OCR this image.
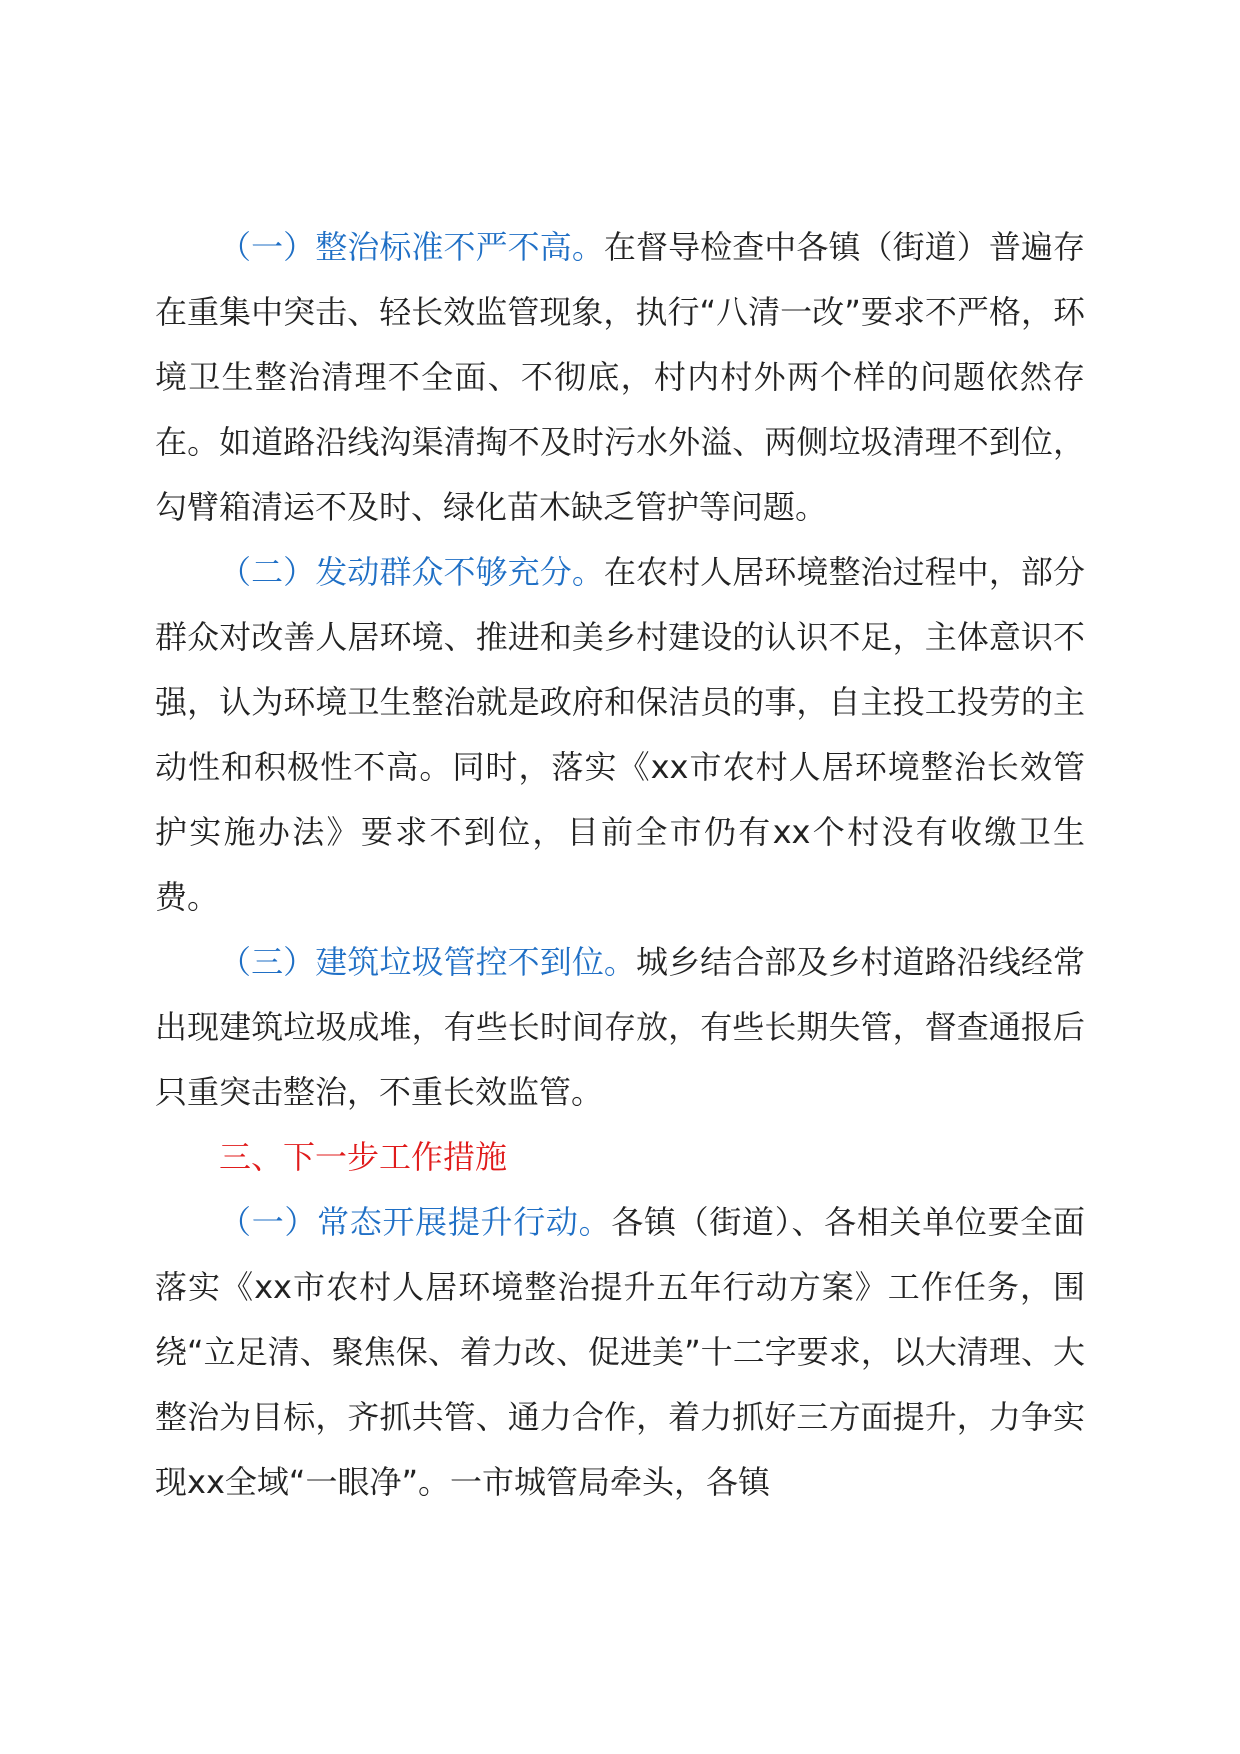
（一）整治标准不严不高。在督导检查中各镇（街道）普遍存在重集中突击、轻长效监管现象，执行“八清一改”要求不严格，环境卫生整治清理不全面、不彻底，村内村外两个样的问题依然存在。如道路沿线沟渠清掏不及时污水外溢、两侧垃圾清理不到位，勾臂箱清运不及时、绿化苗木缺乏管护等问题。

（二）发动群众不够充分。在农村人居环境整治过程中，部分群众对改善人居环境、推进和美乡村建设的认识不足，主体意识不强，认为环境卫生整治就是政府和保洁员的事，自主投工投劳的主动性和积极性不高。同时，落实《xx市农村人居环境整治长效管护实施办法》要求不到位，目前全市仍有xx个村没有收缴卫生费。

（三）建筑垃圾管控不到位。城乡结合部及乡村道路沿线经常出现建筑垃圾成堆，有些长时间存放，有些长期失管，督查通报后只重突击整治，不重长效监管。

三、下一步工作措施

（一）常态开展提升行动。各镇（街道）、各相关单位要全面落实《xx市农村人居环境整治提升五年行动方案》工作任务，围绕“立足清、聚焦保、着力改、促进美”十二字要求，以大清理、大整治为目标，齐抓共管、通力合作，着力抓好三方面提升，力争实现xx全域“一眼净”。一市城管局牵头，各镇
